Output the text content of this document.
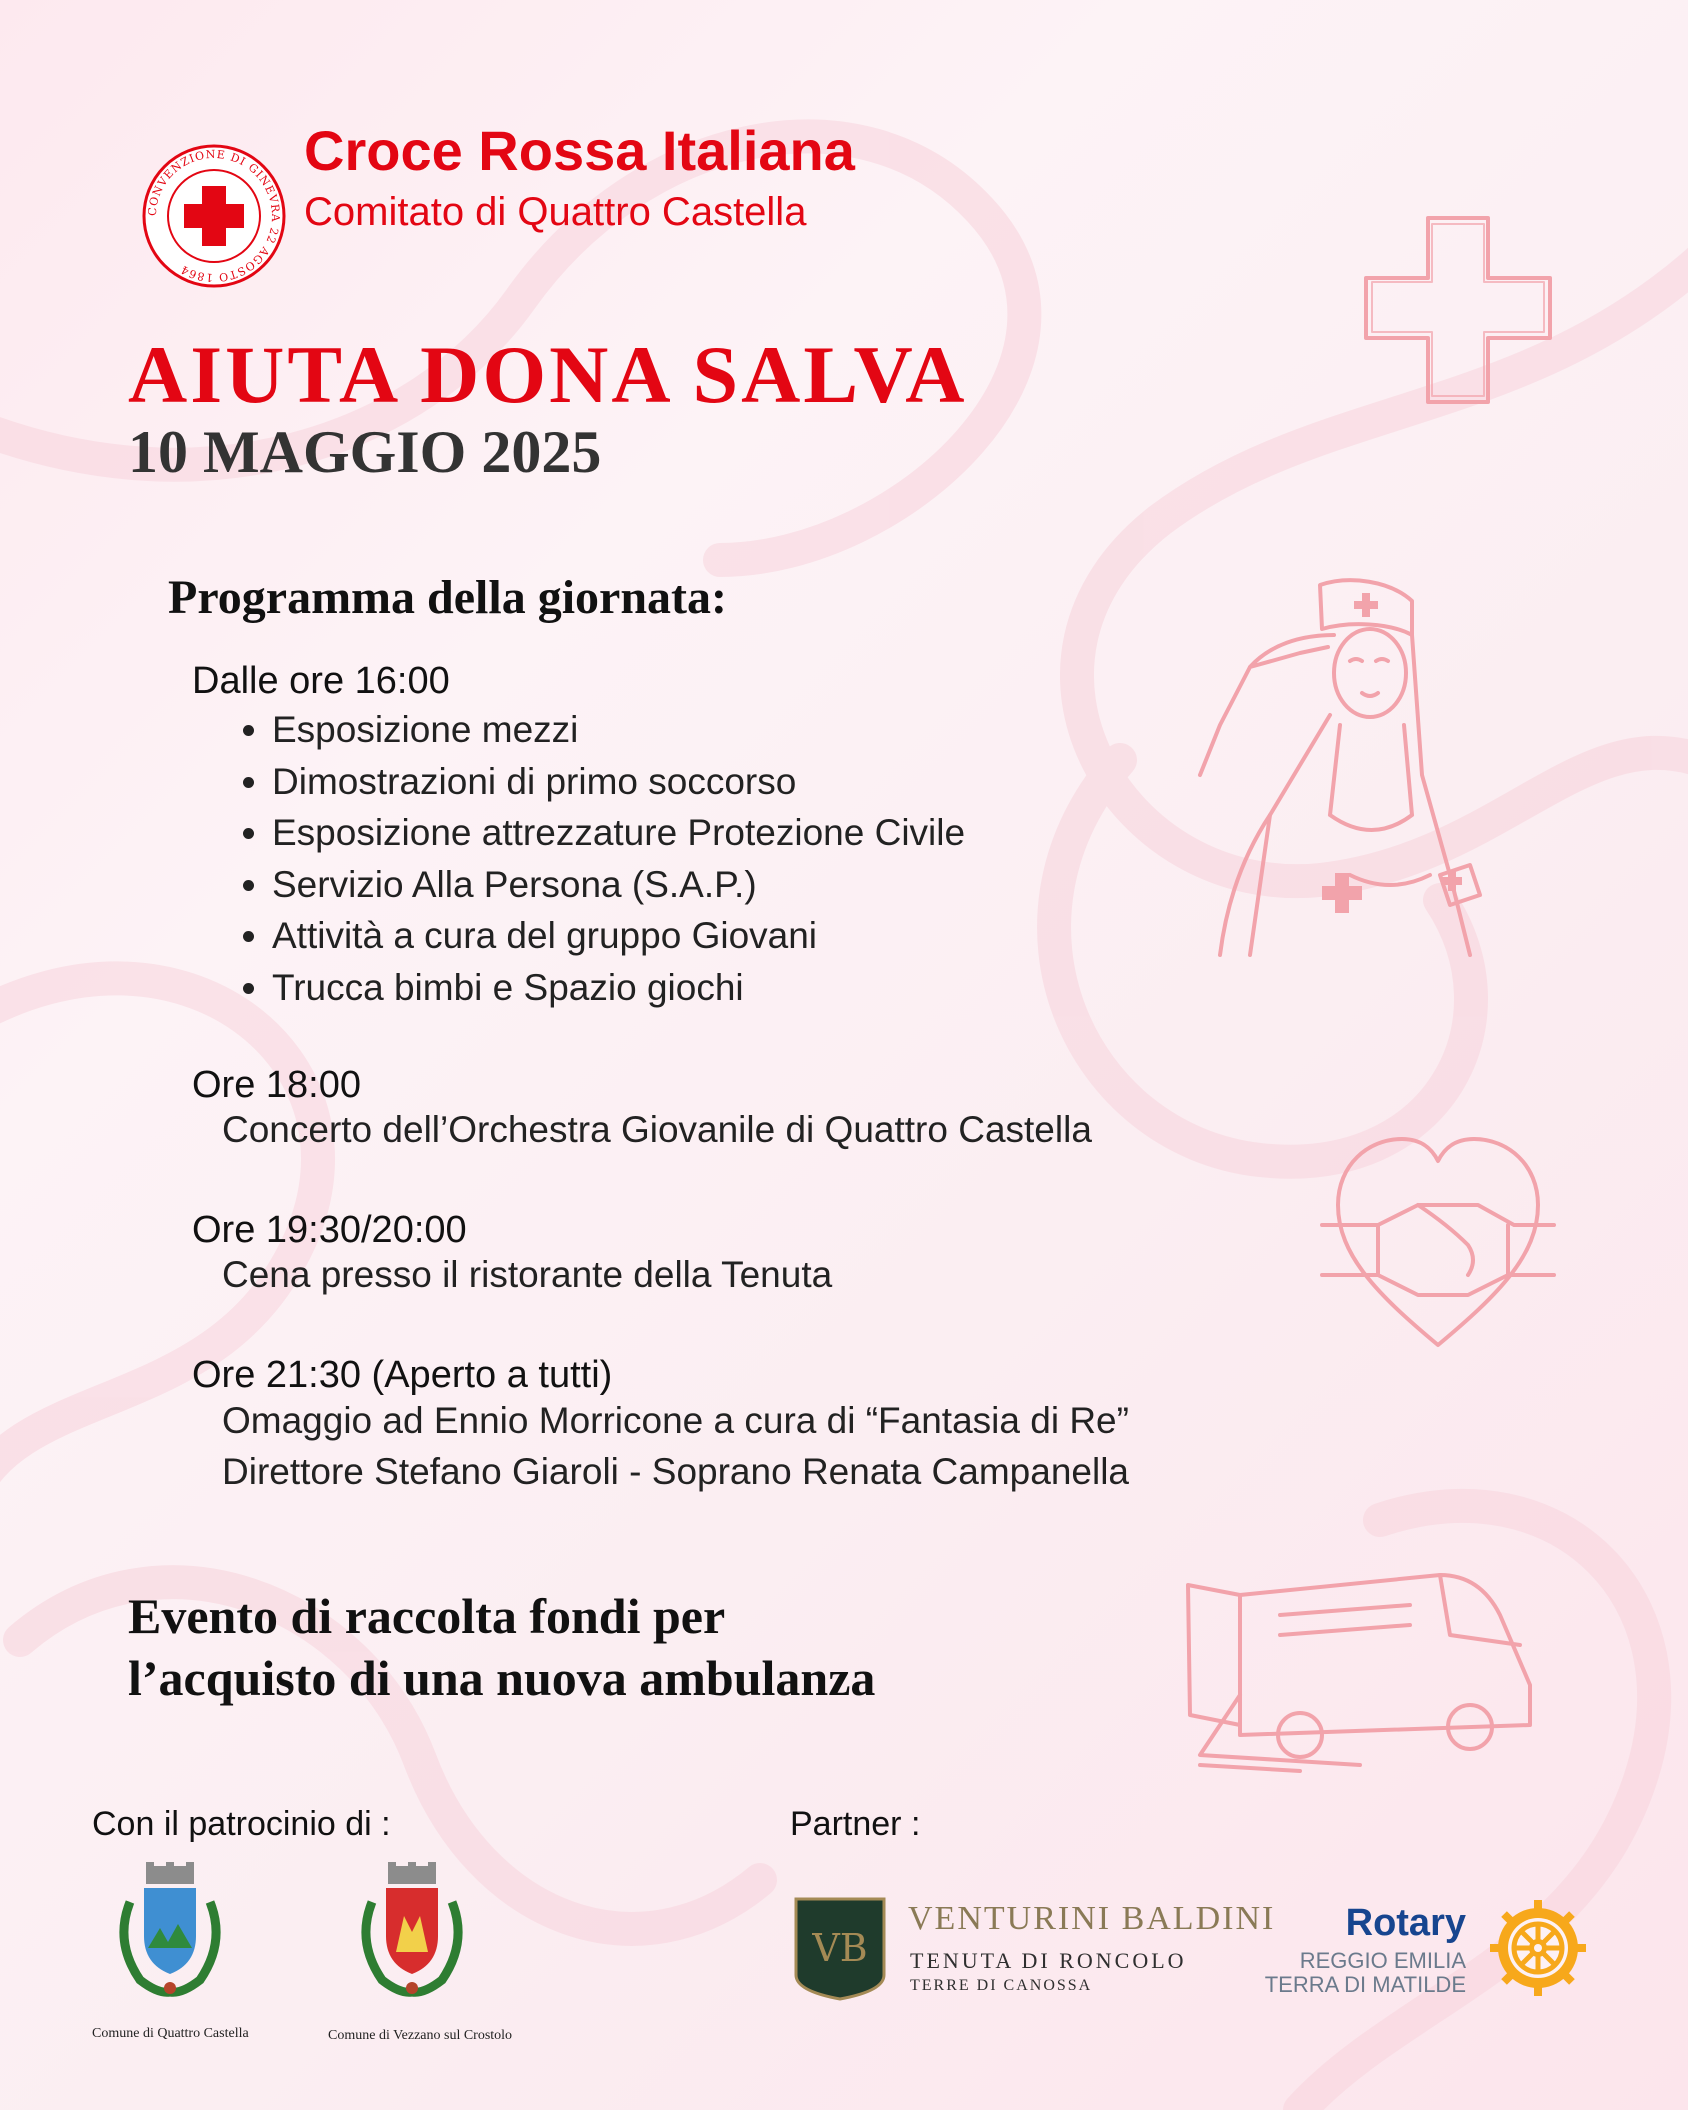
CONVENZIONE DI GINEVRA 22 AGOSTO 1864
Croce Rossa Italiana
Comitato di Quattro Castella
AIUTA DONA SALVA
10 MAGGIO 2025
Programma della giornata:
Dalle ore 16:00
• Esposizione mezzi
• Dimostrazioni di primo soccorso
• Esposizione attrezzature Protezione Civile
• Servizio Alla Persona (S.A.P.)
• Attività a cura del gruppo Giovani
• Trucca bimbi e Spazio giochi
Ore 18:00
Concerto dell’Orchestra Giovanile di Quattro Castella
Ore 19:30/20:00
Cena presso il ristorante della Tenuta
Ore 21:30 (Aperto a tutti)
Omaggio ad Ennio Morricone a cura di “Fantasia di Re”
Direttore Stefano Giaroli - Soprano Renata Campanella
Evento di raccolta fondi per
l’acquisto di una nuova ambulanza
Con il patrocinio di :
Comune di Quattro Castella	Comune di Vezzano sul Crostolo
Partner :
VB
VENTURINI BALDINI
TENUTA DI RONCOLO
TERRE DI CANOSSA
Rotary
REGGIO EMILIA
TERRA DI MATILDE
